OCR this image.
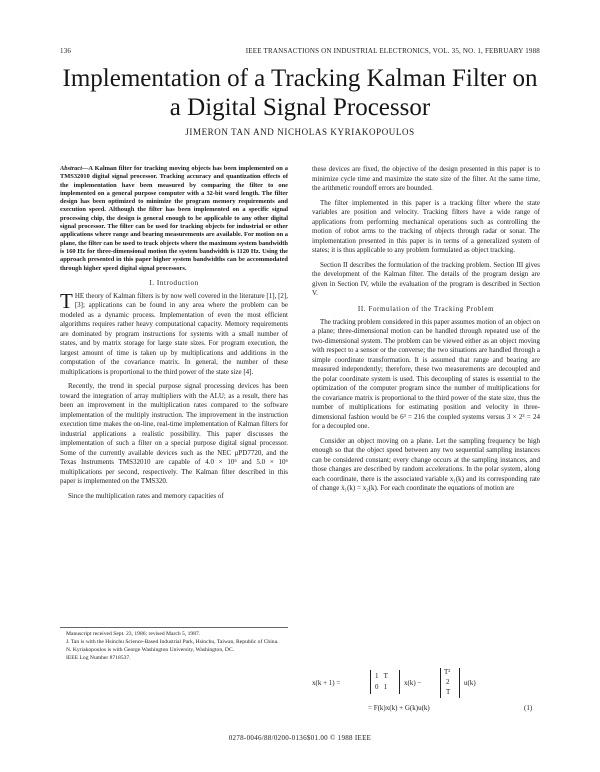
136	IEEE TRANSACTIONS ON INDUSTRIAL ELECTRONICS, VOL. 35, NO. 1, FEBRUARY 1988
Implementation of a Tracking Kalman Filter on a Digital Signal Processor
JIMERON TAN AND NICHOLAS KYRIAKOPOULOS

Abstract—A Kalman filter for tracking moving objects has been implemented on a TMS32010 digital signal processor. Tracking accuracy and quantization effects of the implementation have been measured by comparing the filter to one implemented on a general purpose computer with a 32-bit word length. The filter design has been optimized to minimize the program memory requirements and execution speed. Although the filter has been implemented on a specific signal processing chip, the design is general enough to be applicable to any other digital signal processor. The filter can be used for tracking objects for industrial or other applications where range and bearing measurements are available. For motion on a plane, the filter can be used to track objects where the maximum system bandwidth is 160 Hz for three-dimensional motion the system bandwidth is 1120 Hz. Using the approach presented in this paper higher system bandwidths can be accommodated through higher speed digital signal processors.

I. Introduction

THE theory of Kalman filters is by now well covered in the literature [1], [2], [3]; applications can be found in any area where the problem can be modeled as a dynamic process. Implementation of even the most efficient algorithms requires rather heavy computational capacity. Memory requirements are dominated by program instructions for systems with a small number of states, and by matrix storage for large state sizes. For program execution, the largest amount of time is taken up by multiplications and additions in the computation of the covariance matrix. In general, the number of these multiplications is proportional to the third power of the state size [4].

Recently, the trend in special purpose signal processing devices has been toward the integration of array multipliers with the ALU; as a result, there has been an improvement in the multiplication rates compared to the software implementation of the multiply instruction. The improvement in the instruction execution time makes the on-line, real-time implementation of Kalman filters for industrial applications a realistic possibility. This paper discusses the implementation of such a filter on a special purpose digital signal processor. Some of the currently available devices such as the NEC µPD7720, and the Texas Instruments TMS32010 are capable of 4.0 × 10⁶ and 5.0 × 10⁶ multiplications per second, respectively. The Kalman filter described in this paper is implemented on the TMS320.

Since the multiplication rates and memory capacities of

Manuscript received Sept. 23, 1986; revised March 5, 1987.

J. Tan is with the Hsinchu Science-Based Industrial Park, Hsinchu, Taiwan, Republic of China.

N. Kyriakopoulos is with George Washington University, Washington, DC.

IEEE Log Number 8718537.

these devices are fixed, the objective of the design presented in this paper is to minimize cycle time and maximize the state size of the filter. At the same time, the arithmetic roundoff errors are bounded.

The filter implemented in this paper is a tracking filter where the state variables are position and velocity. Tracking filters have a wide range of applications from performing mechanical operations such as controlling the motion of robot arms to the tracking of objects through radar or sonar. The implementation presented in this paper is in terms of a generalized system of states; it is thus applicable to any problem formulated as object tracking.

Section II describes the formulation of the tracking problem. Section III gives the development of the Kalman filter. The details of the program design are given in Section IV, while the evaluation of the program is described in Section V.

II. Formulation of the Tracking Problem

The tracking problem considered in this paper assumes motion of an object on a plane; three-dimensional motion can be handled through repeated use of the two-dimensional system. The problem can be viewed either as an object moving with respect to a sensor or the converse; the two situations are handled through a simple coordinate transformation. It is assumed that range and bearing are measured independently; therefore, these two measurements are decoupled and the polar coordinate system is used. This decoupling of states is essential to the optimization of the computer program since the number of multiplications for the covariance matrix is proportional to the third power of the state size, thus the number of multiplications for estimating position and velocity in three-dimensional fashion would be 6³ = 216 the coupled systems versus 3 × 2³ = 24 for a decoupled one.

Consider an object moving on a plane. Let the sampling frequency be high enough so that the object speed between any two sequential sampling instances can be considered constant; every change occurs at the sampling instances, and those changes are described by random accelerations. In the polar system, along each coordinate, there is the associated variable x₁(k) and its corresponding rate of change ẋ₁(k) = x₂(k). For each coordinate the equations of motion are

x(k + 1) =
1   T
0   1 x(k) −
T²
2
T
u(k)
= F(k)x(k) + G(k)u(k)	(1)
0278-0046/88/0200-0136$01.00 © 1988 IEEE
